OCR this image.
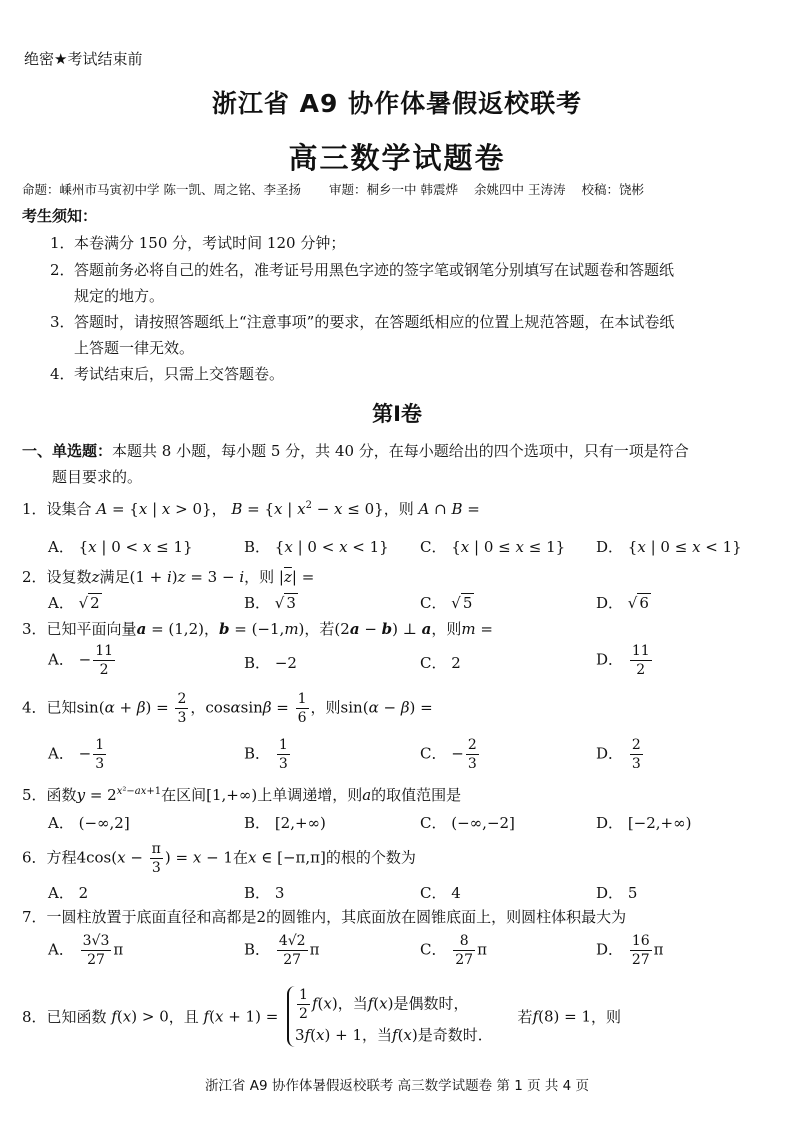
绝密★考试结束前
浙江省 A9 协作体暑假返校联考
高三数学试题卷
命题：嵊州市马寅初中学 陈一凯、周之铭、李圣扬 审题：桐乡一中 韩震烨 余姚四中 王涛涛 校稿：饶彬
考生须知：
1．本卷满分 150 分，考试时间 120 分钟；
2．答题前务必将自己的姓名，准考证号用黑色字迹的签字笔或钢笔分别填写在试题卷和答题纸
规定的地方。
3．答题时，请按照答题纸上“注意事项”的要求，在答题纸相应的位置上规范答题，在本试卷纸
上答题一律无效。
4．考试结束后，只需上交答题卷。
第Ⅰ卷
一、单选题：本题共 8 小题，每小题 5 分，共 40 分，在每小题给出的四个选项中，只有一项是符合
题目要求的。
1．设集合 A = {x | x > 0}， B = {x | $x^2 - x \le 0$}，则 A ∩ B =
A． {x | 0 < x ≤ 1}	B． {x | 0 < x < 1} C． {x | 0 ≤ x ≤ 1} D． {x | 0 ≤ x < 1}
2．设复数z满足(1 + i)z = 3 − i，则 $|\overline{z}|$ =
A． √ 2	B． √ 3	C． √ 5	D． √ 6
3．已知平面向量a = (1,2)，b = (−1,m)，若(2a − b) ⊥ a，则m =
A． − $\frac{11}{2}$	B． −2	C． 2	D． $\frac{11}{2}$
4．已知$\sin(\alpha + \beta) = \frac{2}{3}$ ，$\cos\alpha\sin\beta = \frac{1}{6}$ ，则sin(α − β) =
A． − $\frac{1}{3}$	B． $\frac{1}{3}$	C． − $\frac{2}{3}$	D． $\frac{2}{3}$
5．函数$y = 2^{x^2-ax+1}$在区间[1,+∞)上单调递增，则a的取值范围是
A． (−∞,2]	B． [2,+∞)	C． (−∞,−2]	D． [−2,+∞)
6．方程$4\cos(x - \frac{\pi}{3}$ ) = x − 1在x ∈ [−π,π]的根的个数为
A． 2	B． 3	C． 4	D． 5
7．一圆柱放置于底面直径和高都是2的圆锥内，其底面放在圆锥底面上，则圆柱体积最大为
A． $\frac{3√3}{27}$ π	B． $\frac{4√2}{27}$ π	C． $\frac{8}{27}$ π	D． $\frac{16}{27}$ π
8．已知函数 f(x) > 0，且 $f(x + 1) = \frac{1}{2} f(x)$，当f(x)是偶数时，
3f(x) + 1，当f(x)是奇数时．
若f(8) = 1，则
浙江省 A9 协作体暑假返校联考 高三数学试题卷 第 1 页 共 4 页
